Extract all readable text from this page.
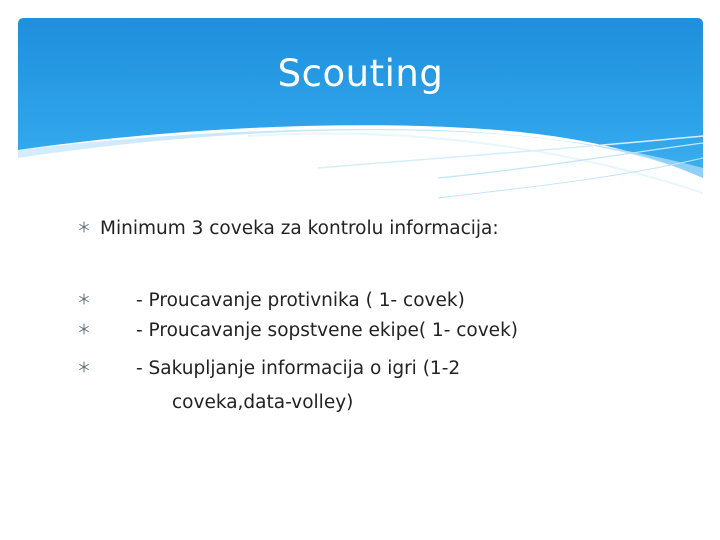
Scouting
Minimum 3 coveka za kontrolu informacija:
- Proucavanje protivnika ( 1- covek)
- Proucavanje sopstvene ekipe( 1- covek)
- Sakupljanje informacija o igri (1-2
coveka,data-volley)
